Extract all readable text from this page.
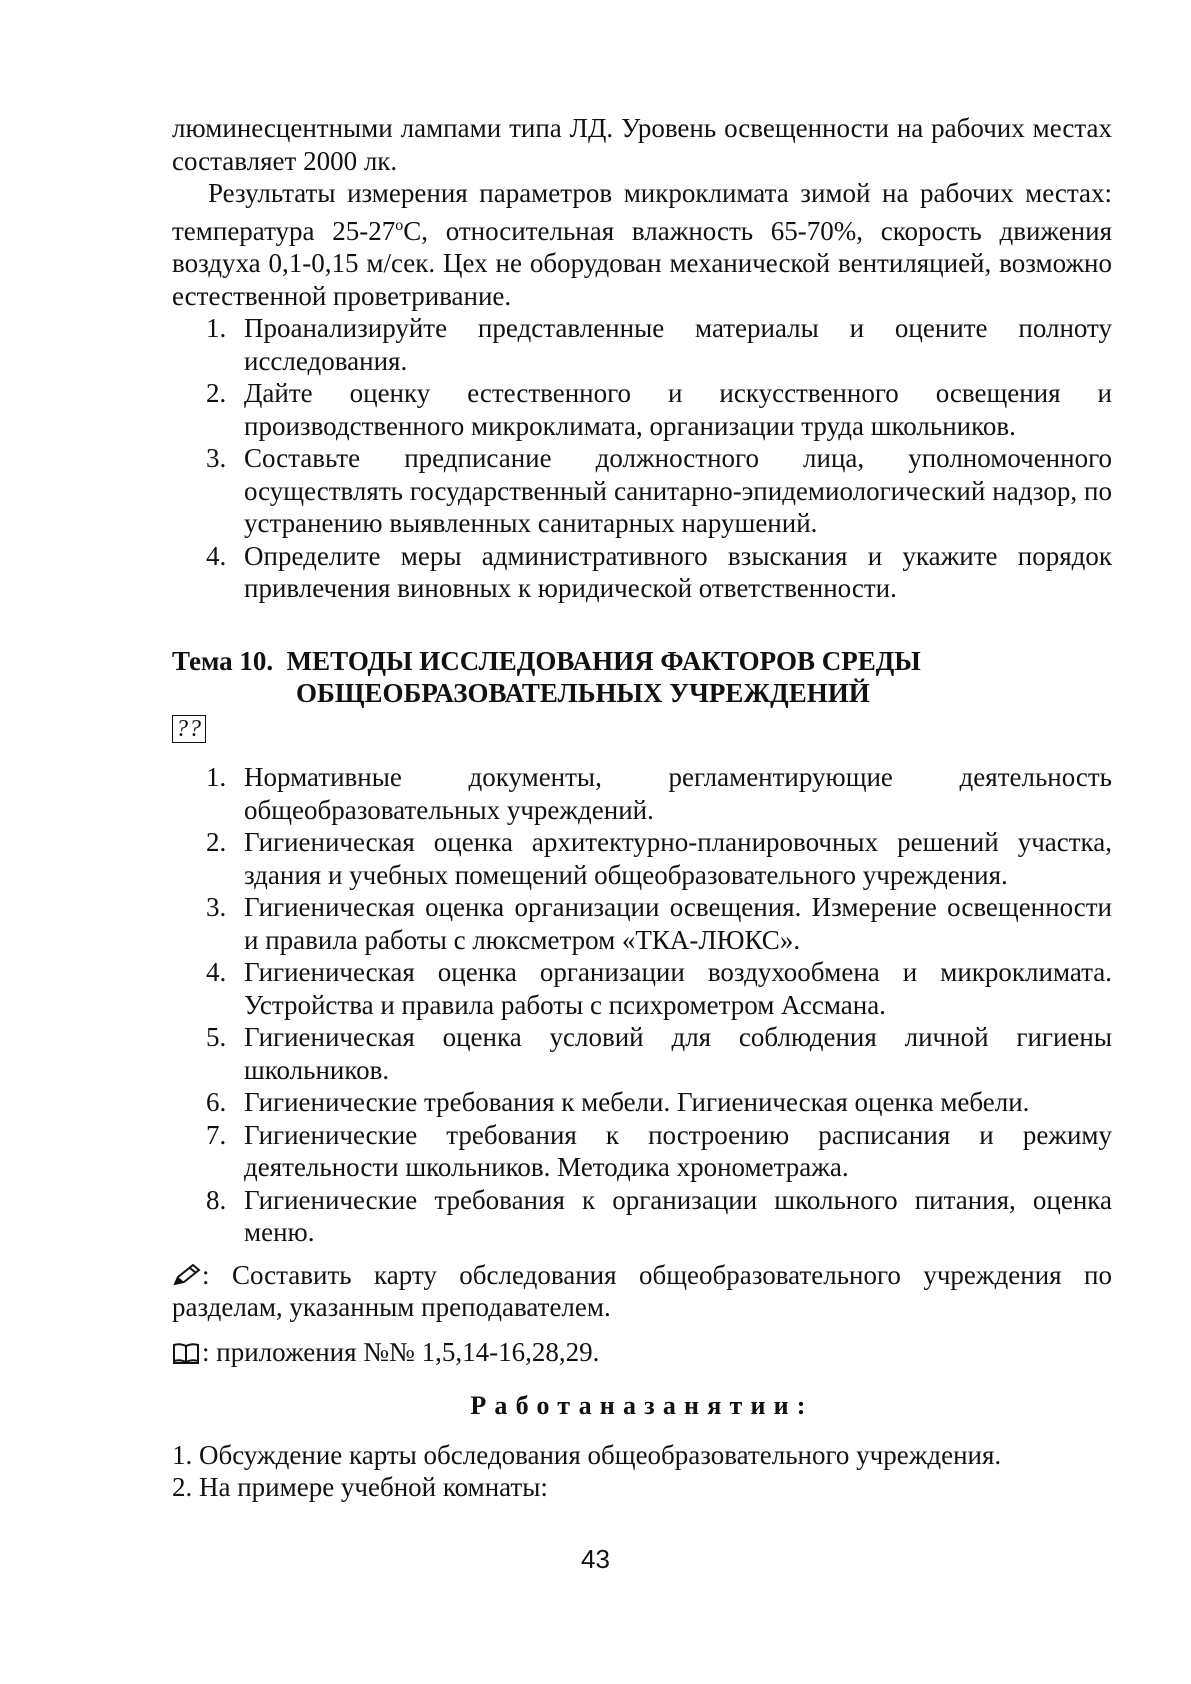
люминесцентными лампами типа ЛД. Уровень освещенности на рабочих местах составляет 2000 лк.

Результаты измерения параметров микроклимата зимой на рабочих местах: температура $25-27^оС$, относительная влажность 65-70%, скорость движения воздуха 0,1-0,15 м/сек. Цех не оборудован механической вентиляцией, возможно естественной проветривание.

1. Проанализируйте представленные материалы и оцените полноту исследования.
2. Дайте оценку естественного и искусственного освещения и производственного микроклимата, организации труда школьников.
3. Составьте предписание должностного лица, уполномоченного осуществлять государственный санитарно-эпидемиологический надзор, по устранению выявленных санитарных нарушений.
4. Определите меры административного взыскания и укажите порядок привлечения виновных к юридической ответственности.
Тема 10. МЕТОДЫ ИССЛЕДОВАНИЯ ФАКТОРОВ СРЕДЫ
ОБЩЕОБРАЗОВАТЕЛЬНЫХ УЧРЕЖДЕНИЙ
??
1. Нормативные документы, регламентирующие деятельность общеобразовательных учреждений.
2. Гигиеническая оценка архитектурно-планировочных решений участка, здания и учебных помещений общеобразовательного учреждения.
3. Гигиеническая оценка организации освещения. Измерение освещенности и правила работы с люксметром «ТКА-ЛЮКС».
4. Гигиеническая оценка организации воздухообмена и микроклимата. Устройства и правила работы с психрометром Ассмана.
5. Гигиеническая оценка условий для соблюдения личной гигиены школьников.
6. Гигиенические требования к мебели. Гигиеническая оценка мебели.
7. Гигиенические требования к построению расписания и режиму деятельности школьников. Методика хронометража.
8. Гигиенические требования к организации школьного питания, оценка меню.

: Составить карту обследования общеобразовательного учреждения по разделам, указанным преподавателем.

: приложения №№ 1,5,14-16,28,29.

Работаназанятии:

1. Обсуждение карты обследования общеобразовательного учреждения.

2. На примере учебной комнаты:

43
